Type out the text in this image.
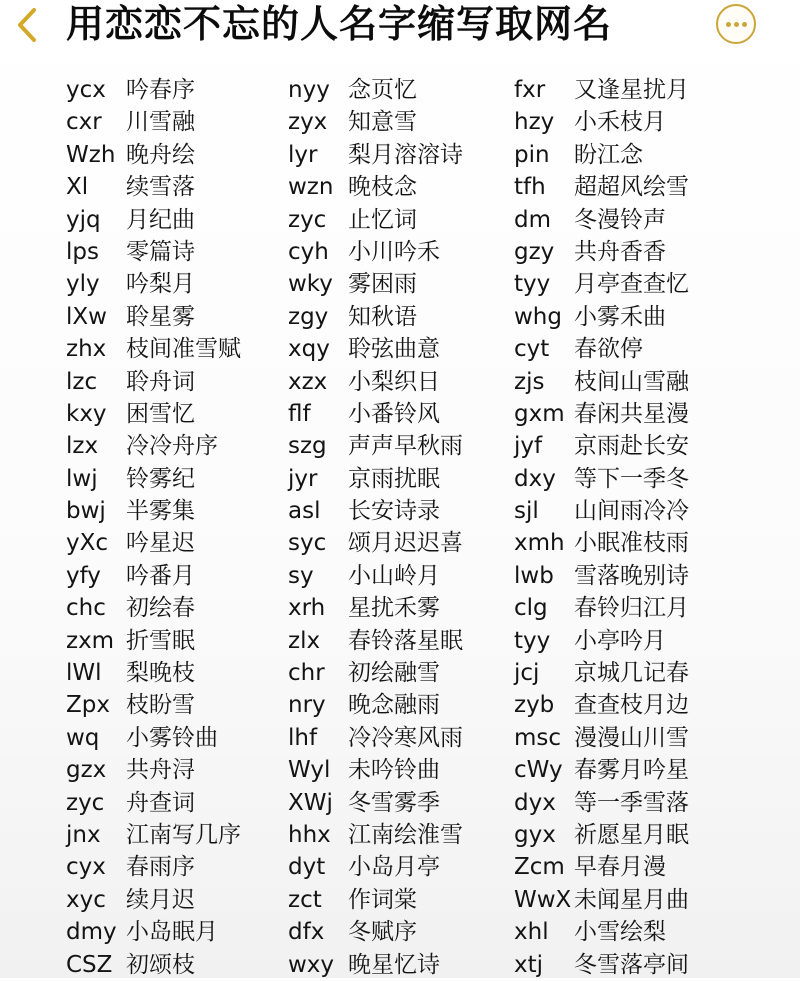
用恋恋不忘的人名字缩写取网名
ycx 吟春序
cxr 川雪融
Wzh 晚舟绘
Xl 续雪落
yjq 月纪曲
lps 零篇诗
yly 吟梨月
lXw 聆星雾
zhx 枝间准雪赋
lzc 聆舟词
kxy 困雪忆
lzx 冷冷舟序
lwj 铃雾纪
bwj 半雾集
yXc 吟星迟
yfy 吟番月
chc 初绘春
zxm 折雪眠
lWl 梨晚枝
Zpx 枝盼雪
wq 小雾铃曲
gzx 共舟浔
zyc 舟查词
jnx 江南写几序
cyx 春雨序
xyc 续月迟
dmy 小岛眠月
CSZ 初颂枝
nyy 念页忆
zyx 知意雪
lyr 梨月溶溶诗
wzn 晚枝念
zyc 止忆词
cyh 小川吟禾
wky 雾困雨
zgy 知秋语
xqy 聆弦曲意
xzx 小梨织日
flf 小番铃风
szg 声声早秋雨
jyr 京雨扰眠
asl 长安诗录
syc 颂月迟迟喜
sy 小山岭月
xrh 星扰禾雾
zlx 春铃落星眠
chr 初绘融雪
nry 晚念融雨
lhf 冷冷寒风雨
Wyl 未吟铃曲
XWj 冬雪雾季
hhx 江南绘淮雪
dyt 小岛月亭
zct 作词棠
dfx 冬赋序
wxy 晚星忆诗
fxr 又逢星扰月
hzy 小禾枝月
pin 盼江念
tfh 超超风绘雪
dm 冬漫铃声
gzy 共舟香香
tyy 月亭查查忆
whg 小雾禾曲
cyt 春欲停
zjs 枝间山雪融
gxm 春闲共星漫
jyf 京雨赴长安
dxy 等下一季冬
sjl 山间雨冷冷
xmh 小眠准枝雨
lwb 雪落晚别诗
clg 春铃归江月
tyy 小亭吟月
jcj 京城几记春
zyb 查查枝月边
msc 漫漫山川雪
cWy 春雾月吟星
dyx 等一季雪落
gyx 祈愿星月眠
Zcm 早春月漫
WwX 未闻星月曲
xhl 小雪绘梨
xtj 冬雪落亭间
